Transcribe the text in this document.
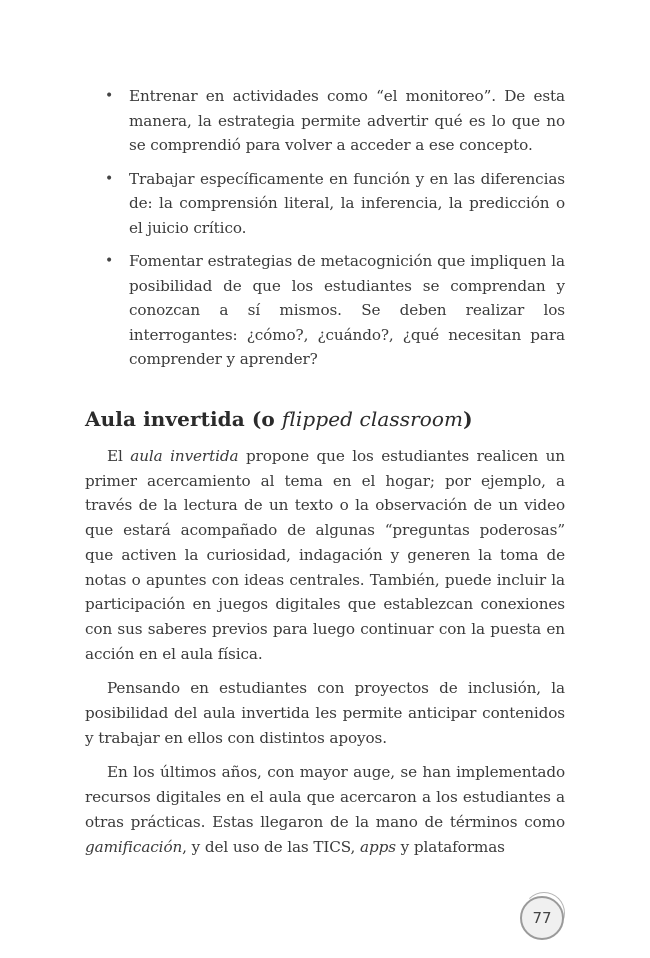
• Entrenar en actividades como “el monitoreo”. De esta manera, la estrategia permite advertir qué es lo que no se comprendió para volver a acceder a ese concepto.
• Trabajar específicamente en función y en las diferencias de: la comprensión literal, la inferencia, la predicción o el juicio crítico.
• Fomentar estrategias de metacognición que impliquen la posibilidad de que los estudiantes se comprendan y conozcan a sí mismos. Se deben realizar los interrogantes: ¿cómo?, ¿cuándo?, ¿qué necesitan para comprender y aprender?
Aula invertida (o flipped classroom)

El aula invertida propone que los estudiantes realicen un primer acercamiento al tema en el hogar; por ejemplo, a través de la lectura de un texto o la observación de un video que estará acompañado de algunas “preguntas poderosas” que activen la curiosidad, indagación y generen la toma de notas o apuntes con ideas centrales. También, puede incluir la participación en juegos digitales que establezcan conexiones con sus saberes previos para luego continuar con la puesta en acción en el aula física.

Pensando en estudiantes con proyectos de inclusión, la posibilidad del aula invertida les permite anticipar contenidos y trabajar en ellos con distintos apoyos.

En los últimos años, con mayor auge, se han implementado recursos digitales en el aula que acercaron a los estudiantes a otras prácticas. Estas llegaron de la mano de términos como gamificación, y del uso de las TICS, apps y plataformas

77
